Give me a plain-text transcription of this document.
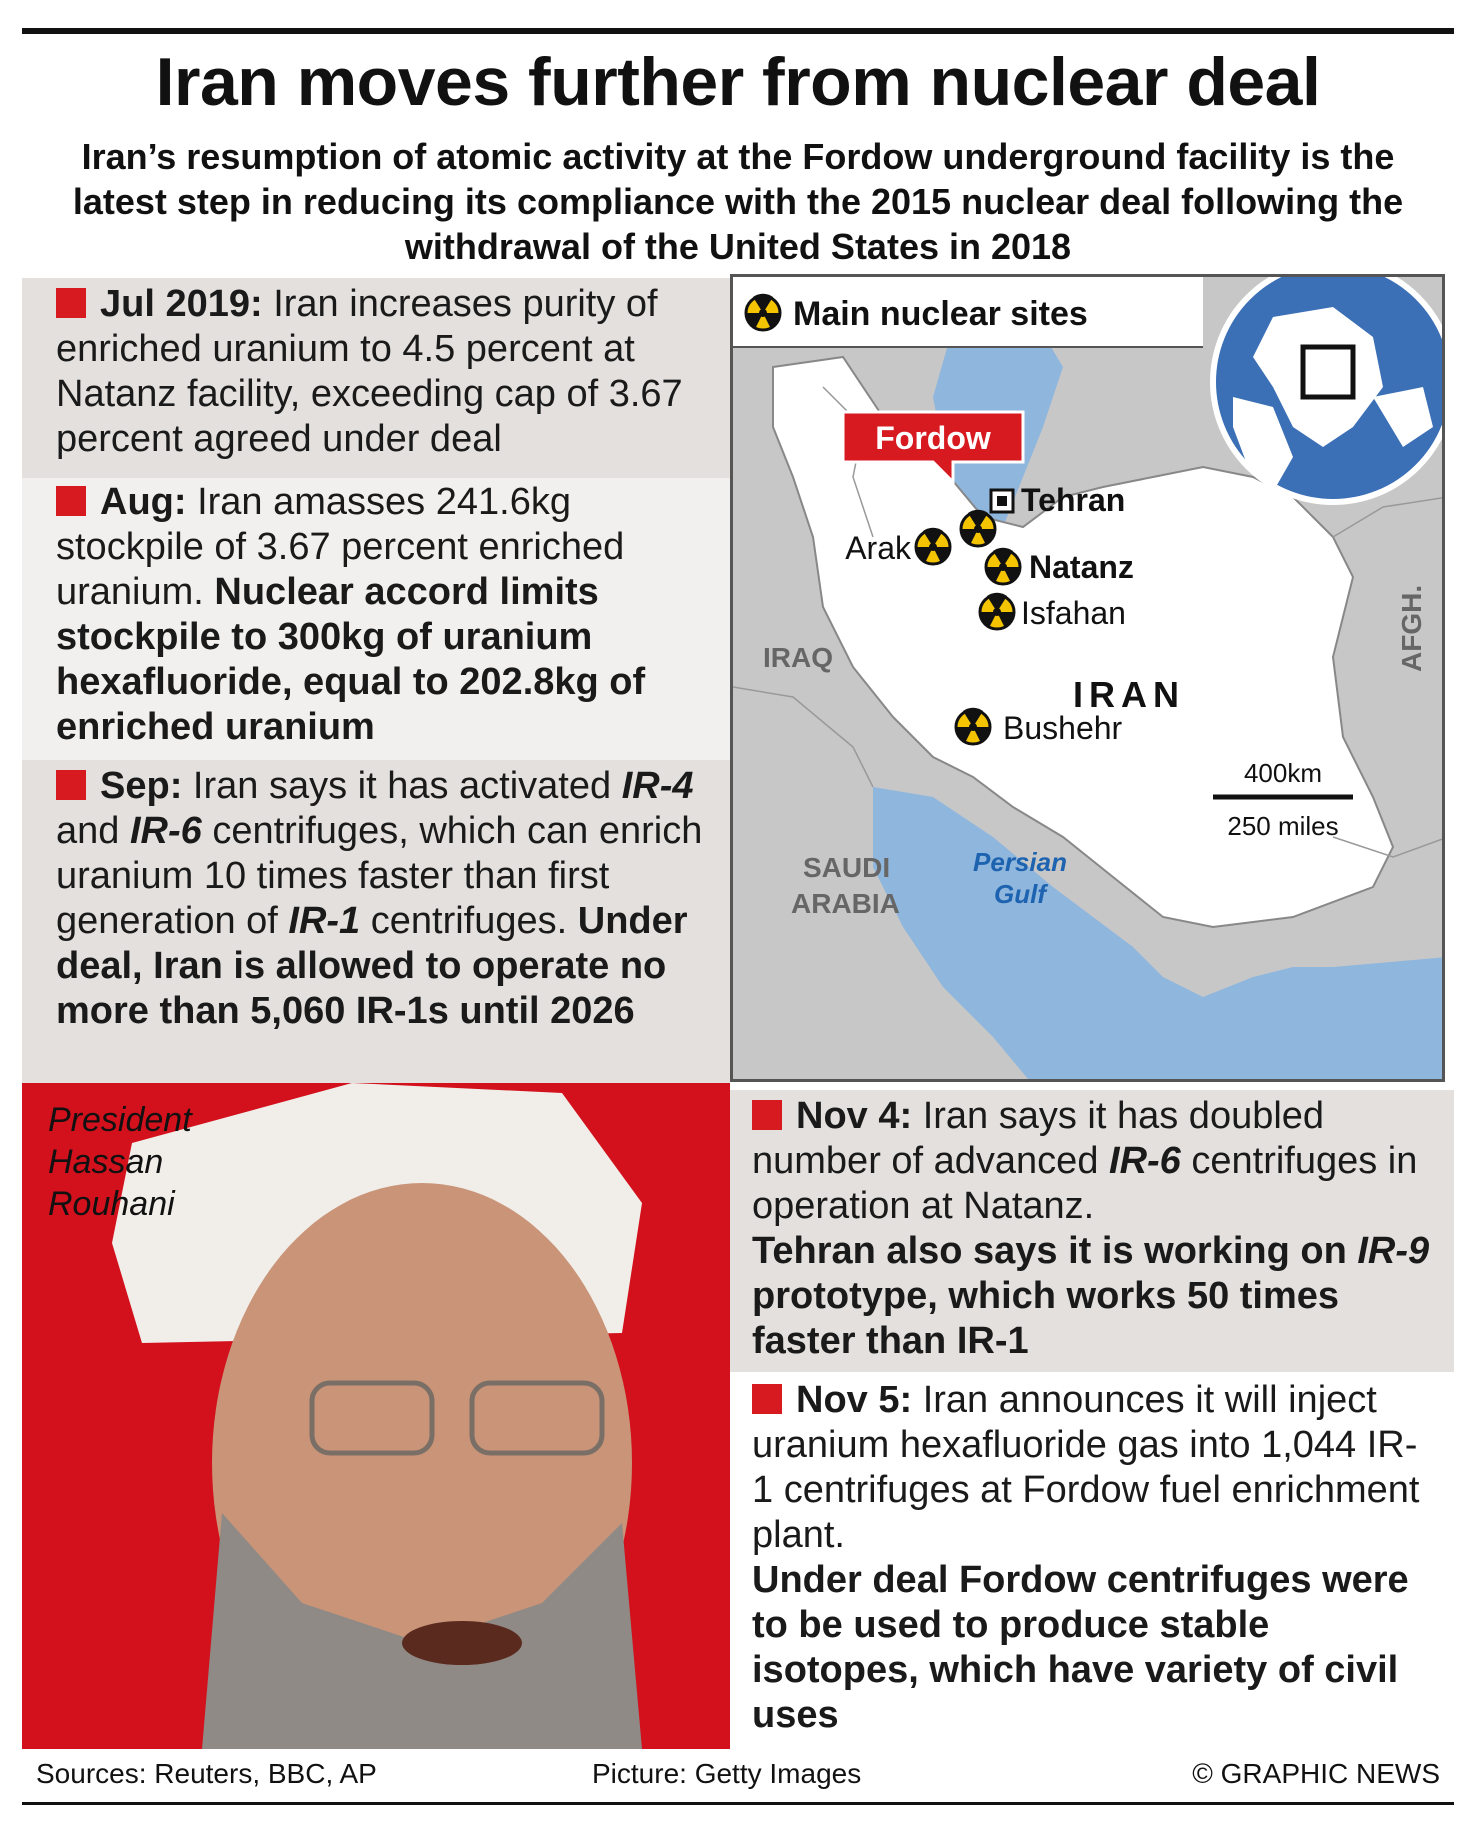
Iran moves further from nuclear deal
Iran’s resumption of atomic activity at the Fordow underground facility is the latest step in reducing its compliance with the 2015 nuclear deal following the withdrawal of the United States in 2018
Jul 2019: Iran increases purity of enriched uranium to 4.5 percent at Natanz facility, exceeding cap of 3.67 percent agreed under deal
Aug: Iran amasses 241.6kg stockpile of 3.67 percent enriched uranium. Nuclear accord limits stockpile to 300kg of uranium hexafluoride, equal to 202.8kg of enriched uranium
Sep: Iran says it has activated IR-4 and IR-6 centrifuges, which can enrich uranium 10 times faster than first generation of IR-1 centrifuges. Under deal, Iran is allowed to operate no more than 5,060 IR-1s until 2026
400km
250 miles
IRAQ
IRAN
SAUDI
ARABIA
AFGH.
Persian
Gulf
Tehran
Fordow
Arak
Natanz
Isfahan
Bushehr
Main nuclear sites
President
Hassan
Rouhani
Nov 4: Iran says it has doubled number of advanced IR-6 centrifuges in operation at Natanz.
Tehran also says it is working on IR-9 prototype, which works 50 times faster than IR-1
Nov 5: Iran announces it will inject uranium hexafluoride gas into 1,044 IR-1 centrifuges at Fordow fuel enrichment plant.
Under deal Fordow centrifuges were to be used to produce stable isotopes, which have variety of civil uses
Sources: Reuters, BBC, AP	Picture: Getty Images	© GRAPHIC NEWS
